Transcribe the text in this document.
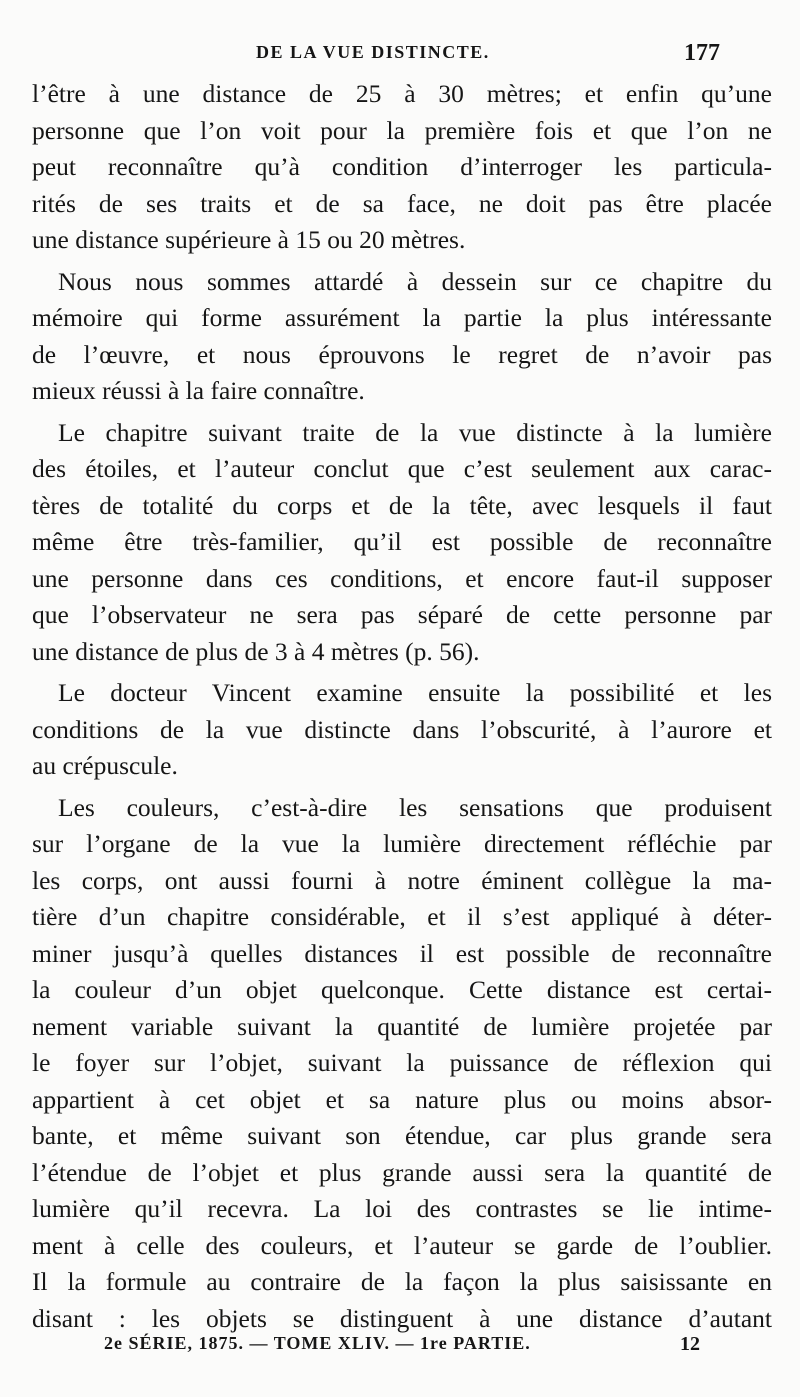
DE LA VUE DISTINCTE.	177
l’être à une distance de 25 à 30 mètres; et enfin qu’une
personne que l’on voit pour la première fois et que l’on ne
peut reconnaître qu’à condition d’interroger les particula-
rités de ses traits et de sa face, ne doit pas être placée
une distance supérieure à 15 ou 20 mètres.
Nous nous sommes attardé à dessein sur ce chapitre du
mémoire qui forme assurément la partie la plus intéressante
de l’œuvre, et nous éprouvons le regret de n’avoir pas
mieux réussi à la faire connaître.
Le chapitre suivant traite de la vue distincte à la lumière
des étoiles, et l’auteur conclut que c’est seulement aux carac-
tères de totalité du corps et de la tête, avec lesquels il faut
même être très-familier, qu’il est possible de reconnaître
une personne dans ces conditions, et encore faut-il supposer
que l’observateur ne sera pas séparé de cette personne par
une distance de plus de 3 à 4 mètres (p. 56).
Le docteur Vincent examine ensuite la possibilité et les
conditions de la vue distincte dans l’obscurité, à l’aurore et
au crépuscule.
Les couleurs, c’est-à-dire les sensations que produisent
sur l’organe de la vue la lumière directement réfléchie par
les corps, ont aussi fourni à notre éminent collègue la ma-
tière d’un chapitre considérable, et il s’est appliqué à déter-
miner jusqu’à quelles distances il est possible de reconnaître
la couleur d’un objet quelconque. Cette distance est certai-
nement variable suivant la quantité de lumière projetée par
le foyer sur l’objet, suivant la puissance de réflexion qui
appartient à cet objet et sa nature plus ou moins absor-
bante, et même suivant son étendue, car plus grande sera
l’étendue de l’objet et plus grande aussi sera la quantité de
lumière qu’il recevra. La loi des contrastes se lie intime-
ment à celle des couleurs, et l’auteur se garde de l’oublier.
Il la formule au contraire de la façon la plus saisissante en
disant : les objets se distinguent à une distance d’autant
2e SÉRIE, 1875. — TOME XLIV. — 1re PARTIE.	12
